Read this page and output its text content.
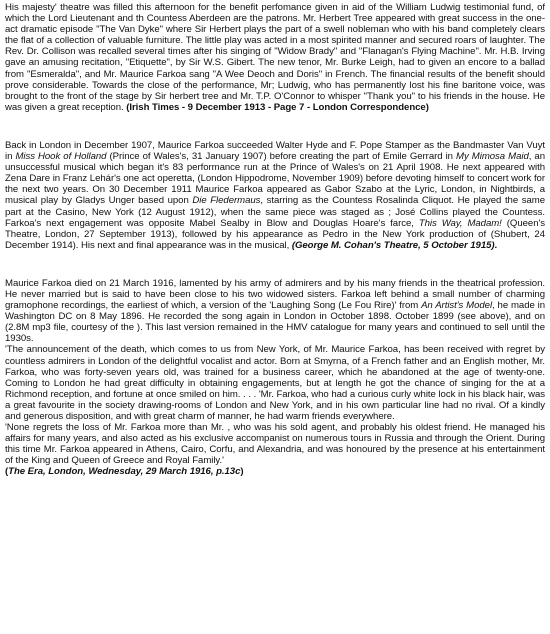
His majesty' theatre was filled this afternoon for the benefit perfomance given in aid of the William Ludwig testimonial fund, of which the Lord Lieutenant and th Countess Aberdeen are the patrons. Mr. Herbert Tree appeared with great success in the one-act dramatic episode "The Van Dyke" where Sir Herbert plays the part of a swell nobleman who with his band completely clears the flat of a collection of valuable furniture. The little play was acted in a most spirited manner and secured roars of laughter. The Rev. Dr. Collison was recalled several times after his singing of "Widow Brady" and "Flanagan's Flying Machine". Mr. H.B. Irving gave an amusing recitation, "Etiquette", by Sir W.S. Gibert. The new tenor, Mr. Burke Leigh, had to given an encore to a ballad from "Esmeralda", and Mr. Maurice Farkoa sang "A Wee Deoch and Doris" in French. The financial results of the benefit should prove considerable. Towards the close of the performance, Mr; Ludwig, who has permanently lost his fine baritone voice, was brought to the front of the stage by Sir herbert tree and Mr. T.P. O'Connor to whisper "Thank you" to his friends in the house. He was given a great reception. (Irish Times - 9 December 1913 - Page 7 - London Correspondence)

Back in London in December 1907, Maurice Farkoa succeeded Walter Hyde and F. Pope Stamper as the Bandmaster Van Vuyt in Miss Hook of Holland (Prince of Wales's, 31 January 1907) before creating the part of Emile Gerrard in My Mimosa Maid, an unsuccessful musical which began it's 83 performance run at the Prince of Wales's on 21 April 1908. He next appeared with Zena Dare in Franz Lehár's one act operetta, (London Hippodrome, November 1909) before devoting himself to concert work for the next two years. On 30 December 1911 Maurice Farkoa appeared as Gabor Szabo at the Lyric, London, in Nightbirds, a musical play by Gladys Unger based upon Die Fledermaus, starring as the Countess Rosalinda Cliquot. He played the same part at the Casino, New York (12 August 1912), when the same piece was staged as ; José Collins played the Countess. Farkoa's next engagement was opposite Mabel Sealby in Blow and Douglas Hoare's farce, This Way, Madam! (Queen's Theatre, London, 27 September 1913), followed by his appearance as Pedro in the New York production of (Shubert, 24 December 1914). His next and final appearance was in the musical, (George M. Cohan's Theatre, 5 October 1915).

Maurice Farkoa died on 21 March 1916, lamented by his army of admirers and by his many friends in the theatrical profession. He never married but is said to have been close to his two widowed sisters. Farkoa left behind a small number of charming gramophone recordings, the earliest of which, a version of the 'Laughing Song (Le Fou Rire)' from An Artist's Model, he made in Washington DC on 8 May 1896. He recorded the song again in London in October 1898. October 1899 (see above), and on (2.8M mp3 file, courtesy of the ). This last version remained in the HMV catalogue for many years and continued to sell until the 1930s.

'The announcement of the death, which comes to us from New York, of Mr. Maurice Farkoa, has been received with regret by countless admirers in London of the delightful vocalist and actor. Born at Smyrna, of a French father and an English mother, Mr. Farkoa, who was forty-seven years old, was trained for a business career, which he abandoned at the age of twenty-one. Coming to London he had great difficulty in obtaining engagements, but at length he got the chance of singing for the at a Richmond reception, and fortune at once smiled on him. . . . 'Mr. Farkoa, who had a curious curly white lock in his black hair, was a great favourite in the society drawing-rooms of London and New York, and in his own particular line had no rival. Of a kindly and generous disposition, and with great charm of manner, he had warm friends everywhere.

'None regrets the loss of Mr. Farkoa more than Mr. , who was his sold agent, and probably his oldest friend. He managed his affairs for many years, and also acted as his exclusive accompanist on numerous tours in Russia and through the Orient. During this time Mr. Farkoa appeared in Athens, Cairo, Corfu, and Alexandria, and was honoured by the presence at his entertainment of the King and Queen of Greece and Royal Family.'

(The Era, London, Wednesday, 29 March 1916, p.13c)
